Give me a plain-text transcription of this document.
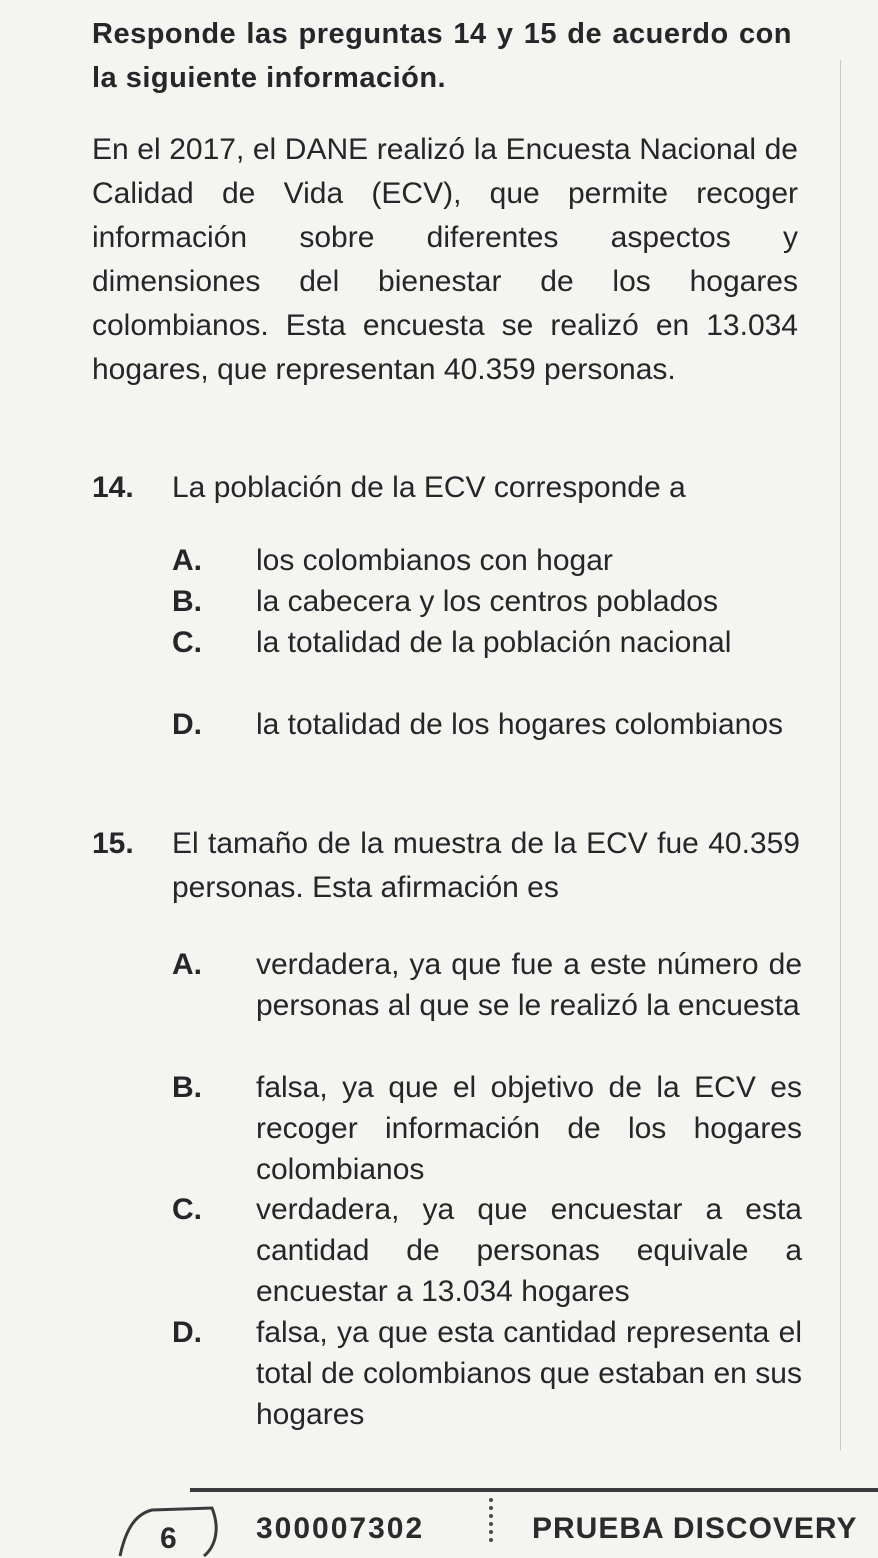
Responde las preguntas 14 y 15 de acuerdo con la siguiente información.
En el 2017, el DANE realizó la Encuesta Nacional de Calidad de Vida (ECV), que permite recoger información sobre diferentes aspectos y dimensiones del bienestar de los hogares colombianos. Esta encuesta se realizó en 13.034 hogares, que representan 40.359 personas.
14. La población de la ECV corresponde a
A. los colombianos con hogar
B. la cabecera y los centros poblados
C. la totalidad de la población nacional
D. la totalidad de los hogares colombianos
15. El tamaño de la muestra de la ECV fue 40.359 personas. Esta afirmación es
A. verdadera, ya que fue a este número de personas al que se le realizó la encuesta
B. falsa, ya que el objetivo de la ECV es recoger información de los hogares colombianos
C. verdadera, ya que encuestar a esta cantidad de personas equivale a encuestar a 13.034 hogares
D. falsa, ya que esta cantidad representa el total de colombianos que estaban en sus hogares
6	300007302	PRUEBA DISCOVERY
